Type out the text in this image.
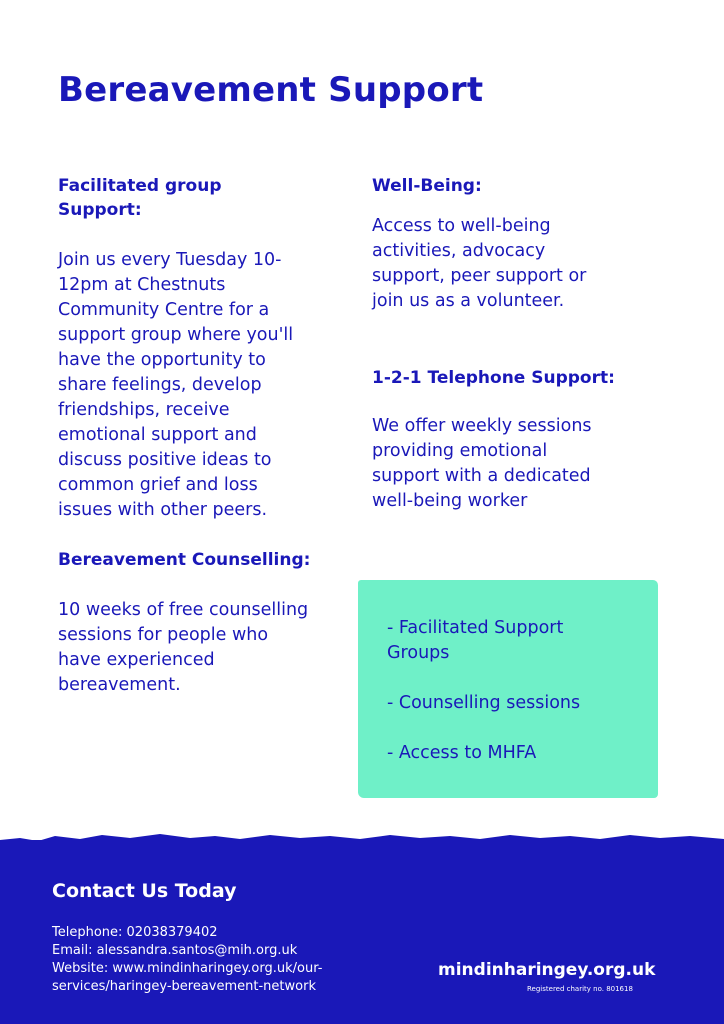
Bereavement Support

Facilitated group

Support:

Join us every Tuesday 10-

12pm at Chestnuts

Community Centre for a

support group where you'll

have the opportunity to

share feelings, develop

friendships, receive

emotional support and

discuss positive ideas to

common grief and loss

issues with other peers.

Bereavement Counselling:

10 weeks of free counselling

sessions for people who

have experienced

bereavement.

Well-Being:

Access to well-being

activities, advocacy

support, peer support or

join us as a volunteer.

1-2-1 Telephone Support:

We offer weekly sessions

providing emotional

support with a dedicated

well-being worker

- Facilitated Support

Groups

- Counselling sessions

- Access to MHFA

Contact Us Today

Telephone: 02038379402

Email: alessandra.santos@mih.org.uk

Website: www.mindinharingey.org.uk/our-

services/haringey-bereavement-network

mindinharingey.org.uk

Registered charity no. 801618
